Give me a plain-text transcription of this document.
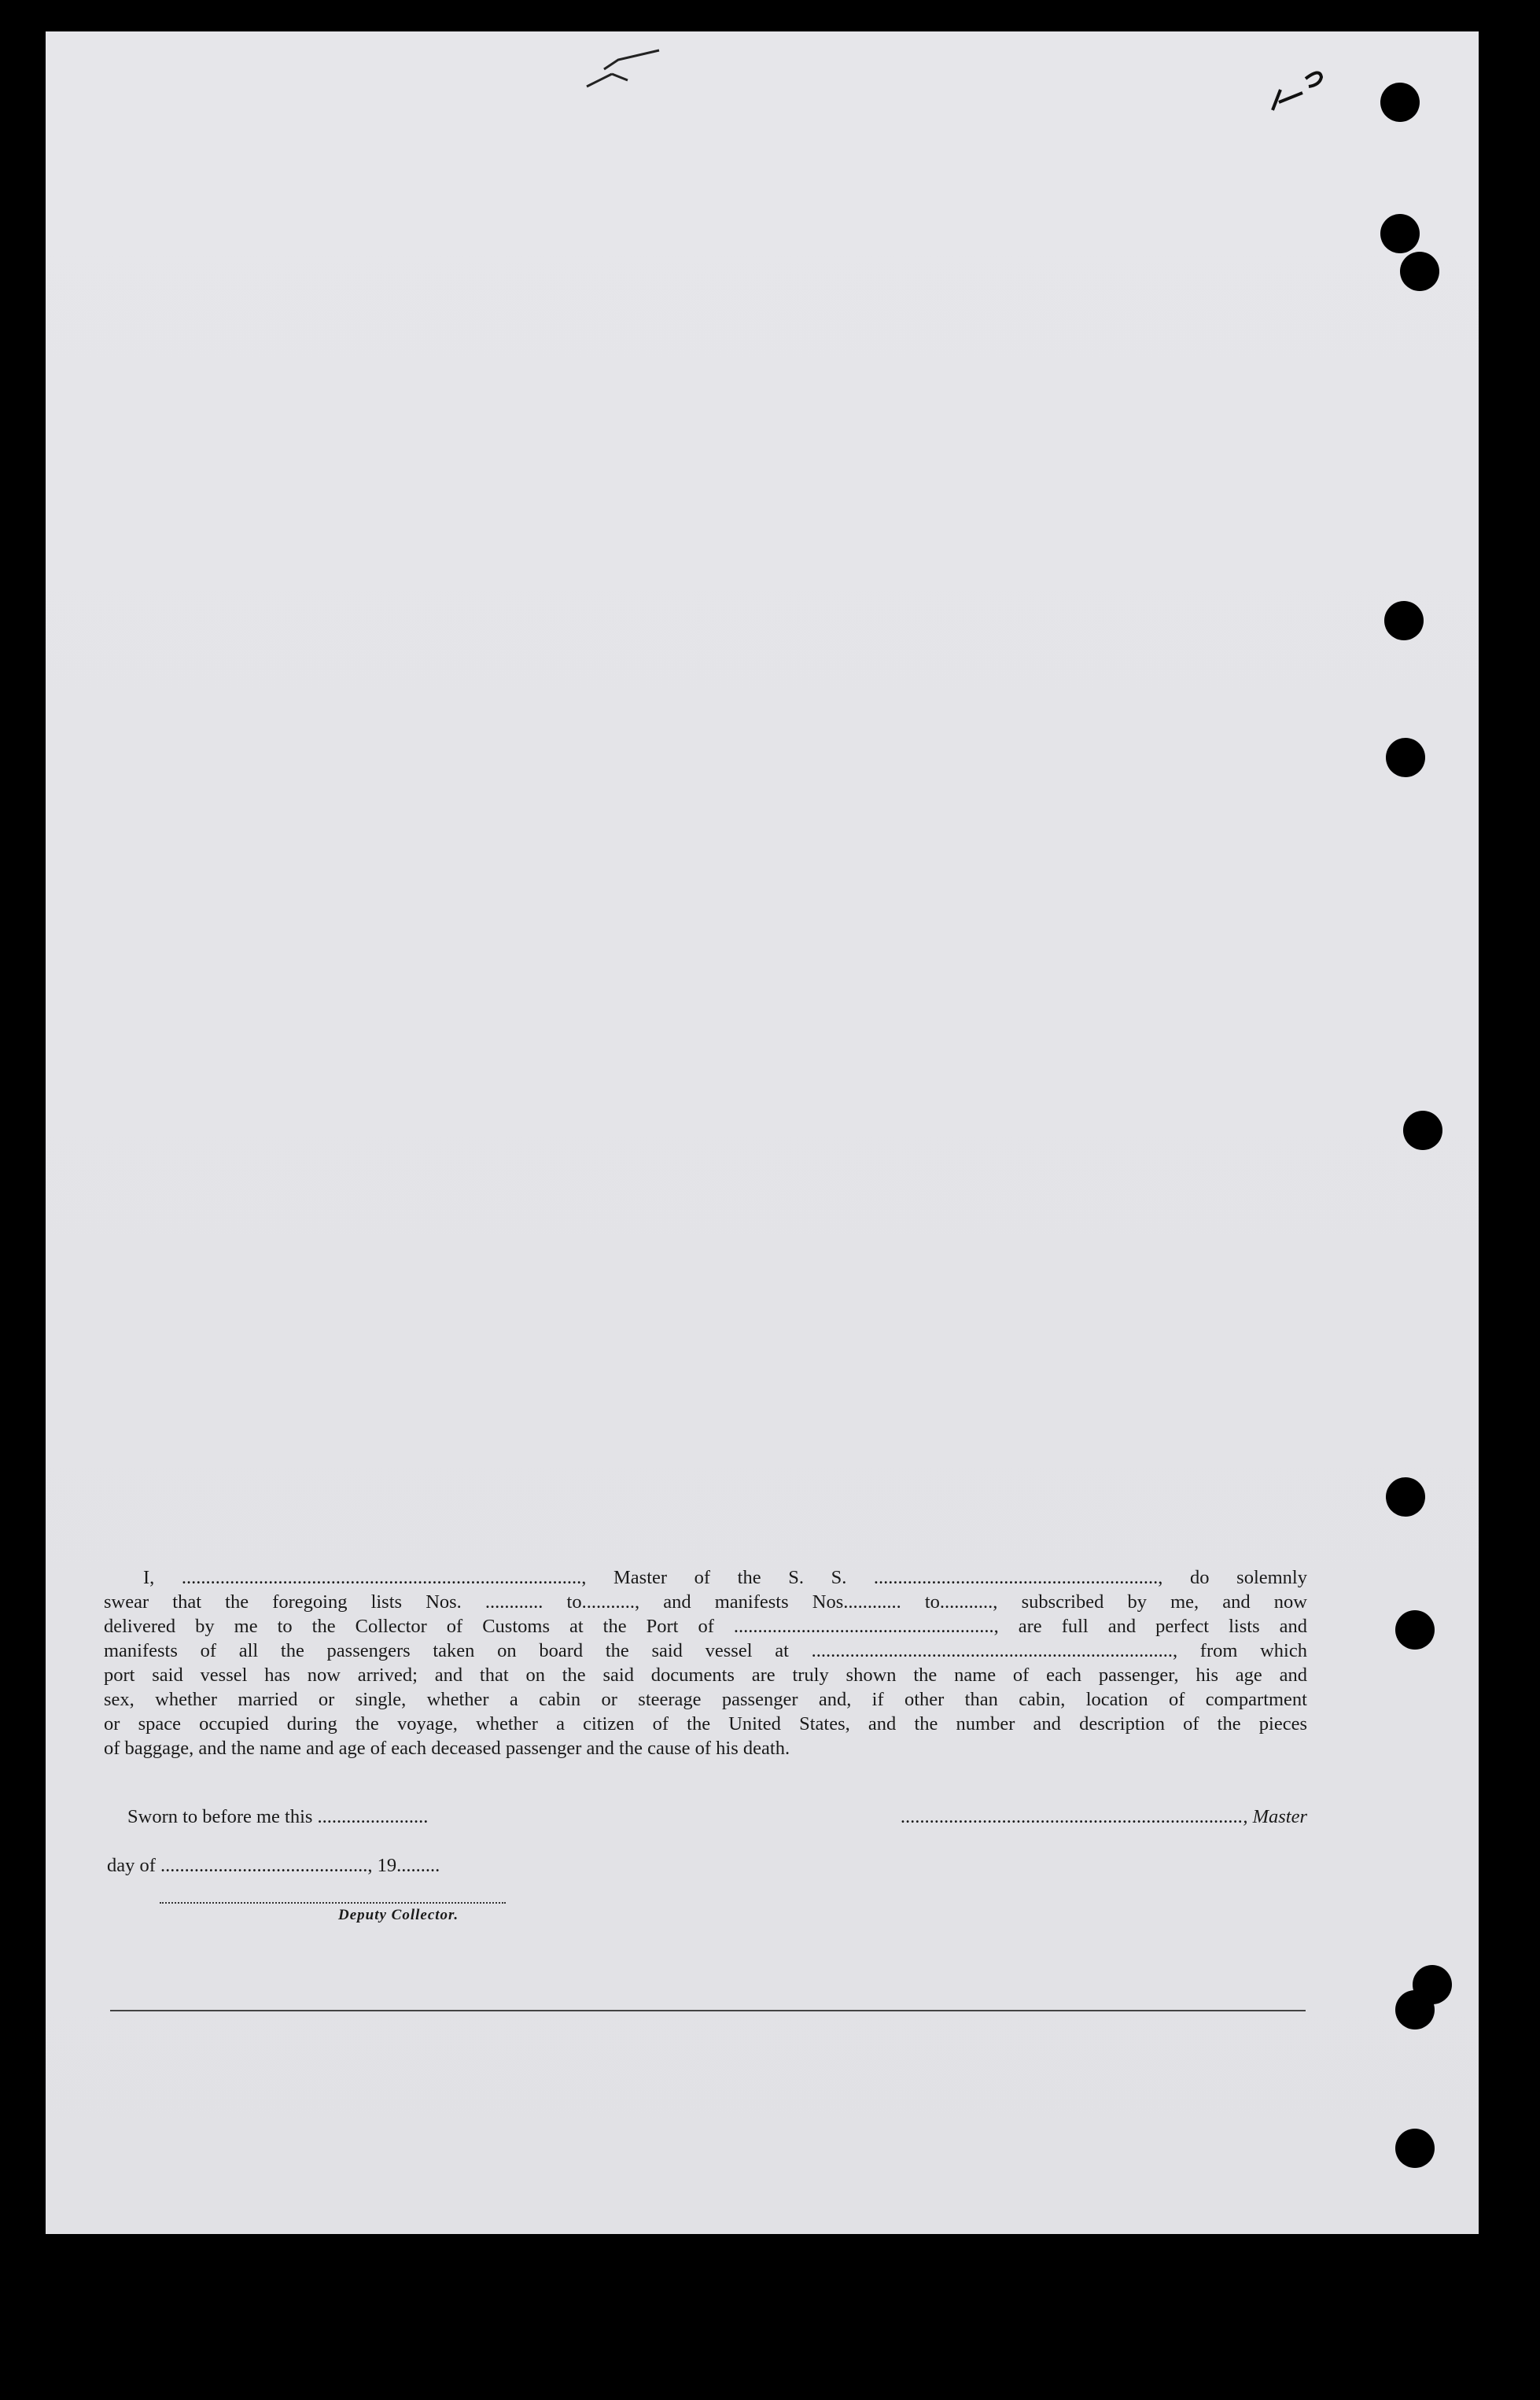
I, ..................................................................................., Master of the S. S. ..........................................................., do solemnly

swear that the foregoing lists Nos. ............ to..........., and manifests Nos............ to..........., subscribed by me, and now

delivered by me to the Collector of Customs at the Port of ......................................................, are full and perfect lists and

manifests of all the passengers taken on board the said vessel at ..........................................................................., from which

port said vessel has now arrived; and that on the said documents are truly shown the name of each passenger, his age and

sex, whether married or single, whether a cabin or steerage passenger and, if other than cabin, location of compartment

or space occupied during the voyage, whether a citizen of the United States, and the number and description of the pieces

of baggage, and the name and age of each deceased passenger and the cause of his death.

Sworn to before me this .......................	......................................................................., Master
day of ..........................................., 19.........
Deputy Collector.
